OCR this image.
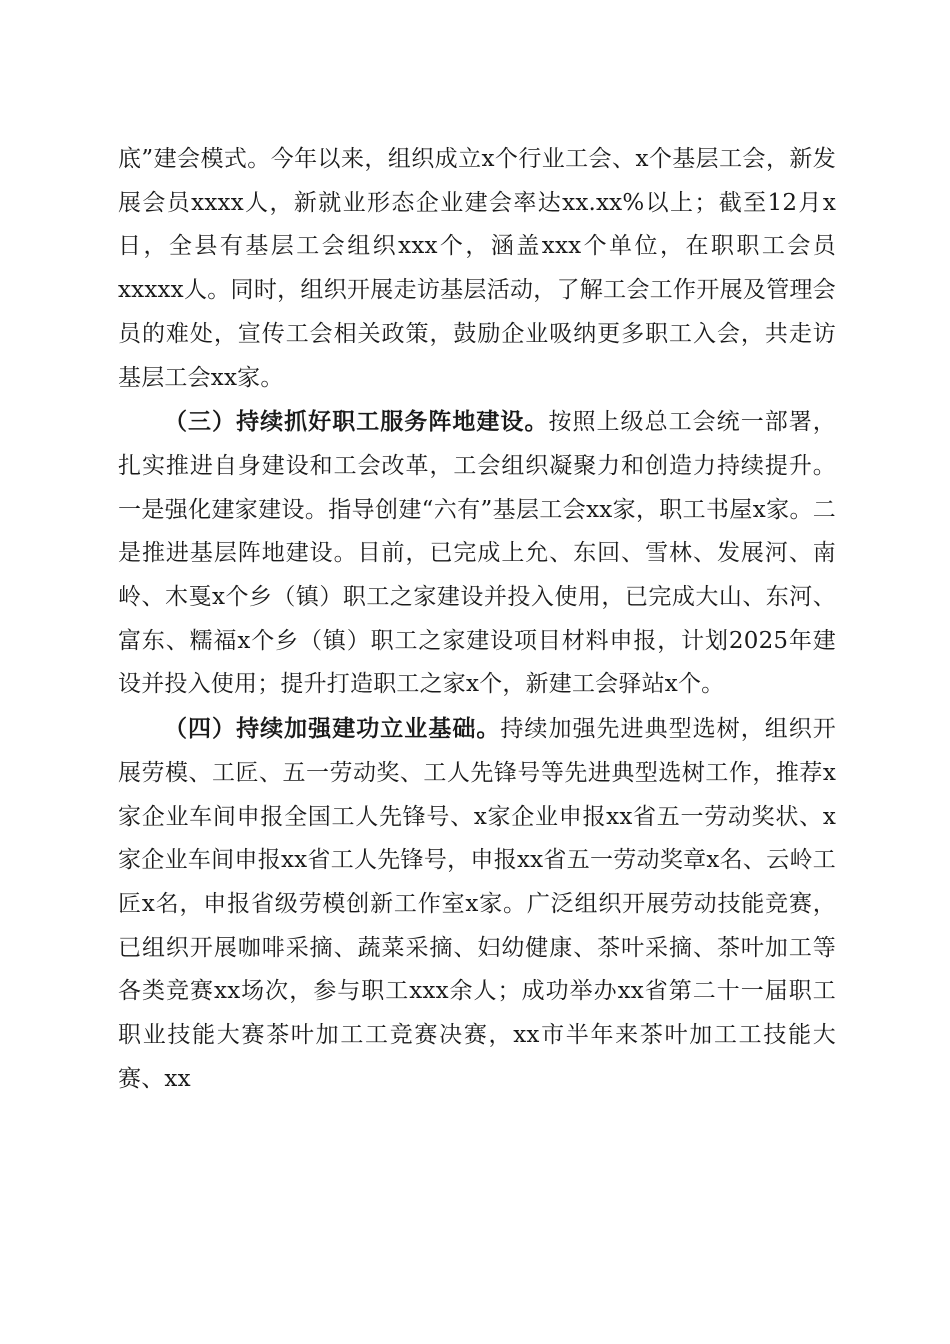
底”建会模式。今年以来，组织成立x个行业工会、x个基层工会，新发展会员xxxx人，新就业形态企业建会率达xx.xx%以上；截至12月x日，全县有基层工会组织xxx个，涵盖xxx个单位，在职职工会员xxxxx人。同时，组织开展走访基层活动，了解工会工作开展及管理会员的难处，宣传工会相关政策，鼓励企业吸纳更多职工入会，共走访基层工会xx家。

（三）持续抓好职工服务阵地建设。按照上级总工会统一部署，扎实推进自身建设和工会改革，工会组织凝聚力和创造力持续提升。一是强化建家建设。指导创建“六有”基层工会xx家，职工书屋x家。二是推进基层阵地建设。目前，已完成上允、东回、雪林、发展河、南岭、木戛x个乡（镇）职工之家建设并投入使用，已完成大山、东河、富东、糯福x个乡（镇）职工之家建设项目材料申报，计划2025年建设并投入使用；提升打造职工之家x个，新建工会驿站x个。

（四）持续加强建功立业基础。持续加强先进典型选树，组织开展劳模、工匠、五一劳动奖、工人先锋号等先进典型选树工作，推荐x家企业车间申报全国工人先锋号、x家企业申报xx省五一劳动奖状、x家企业车间申报xx省工人先锋号，申报xx省五一劳动奖章x名、云岭工匠x名，申报省级劳模创新工作室x家。广泛组织开展劳动技能竞赛，已组织开展咖啡采摘、蔬菜采摘、妇幼健康、茶叶采摘、茶叶加工等各类竞赛xx场次，参与职工xxx余人；成功举办xx省第二十一届职工职业技能大赛茶叶加工工竞赛决赛，xx市半年来茶叶加工工技能大赛、xx
